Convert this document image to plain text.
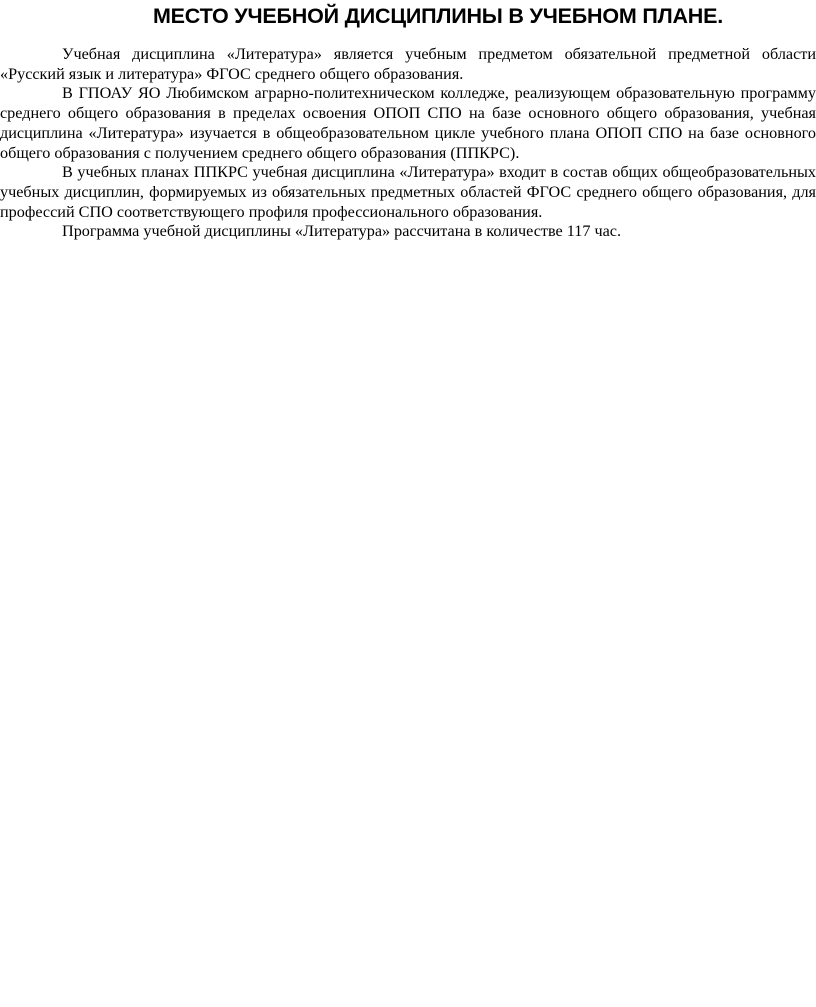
МЕСТО УЧЕБНОЙ ДИСЦИПЛИНЫ В УЧЕБНОМ ПЛАНЕ.

Учебная дисциплина «Литература» является учебным предметом обязательной предметной области «Русский язык и литература» ФГОС среднего общего образования.

В ГПОАУ ЯО Любимском аграрно-политехническом колледже, реализующем образовательную программу среднего общего образования в пределах освоения ОПОП СПО на базе основного общего образования, учебная дисциплина «Литература» изучается в общеобразовательном цикле учебного плана ОПОП СПО на базе основного общего образования с получением среднего общего образования (ППКРС).

В учебных планах ППКРС учебная дисциплина «Литература» входит в состав общих общеобразовательных учебных дисциплин, формируемых из обязательных предметных областей ФГОС среднего общего образования, для профессий СПО соответствующего профиля профессионального образования.

Программа учебной дисциплины «Литература» рассчитана в количестве 117 час.
